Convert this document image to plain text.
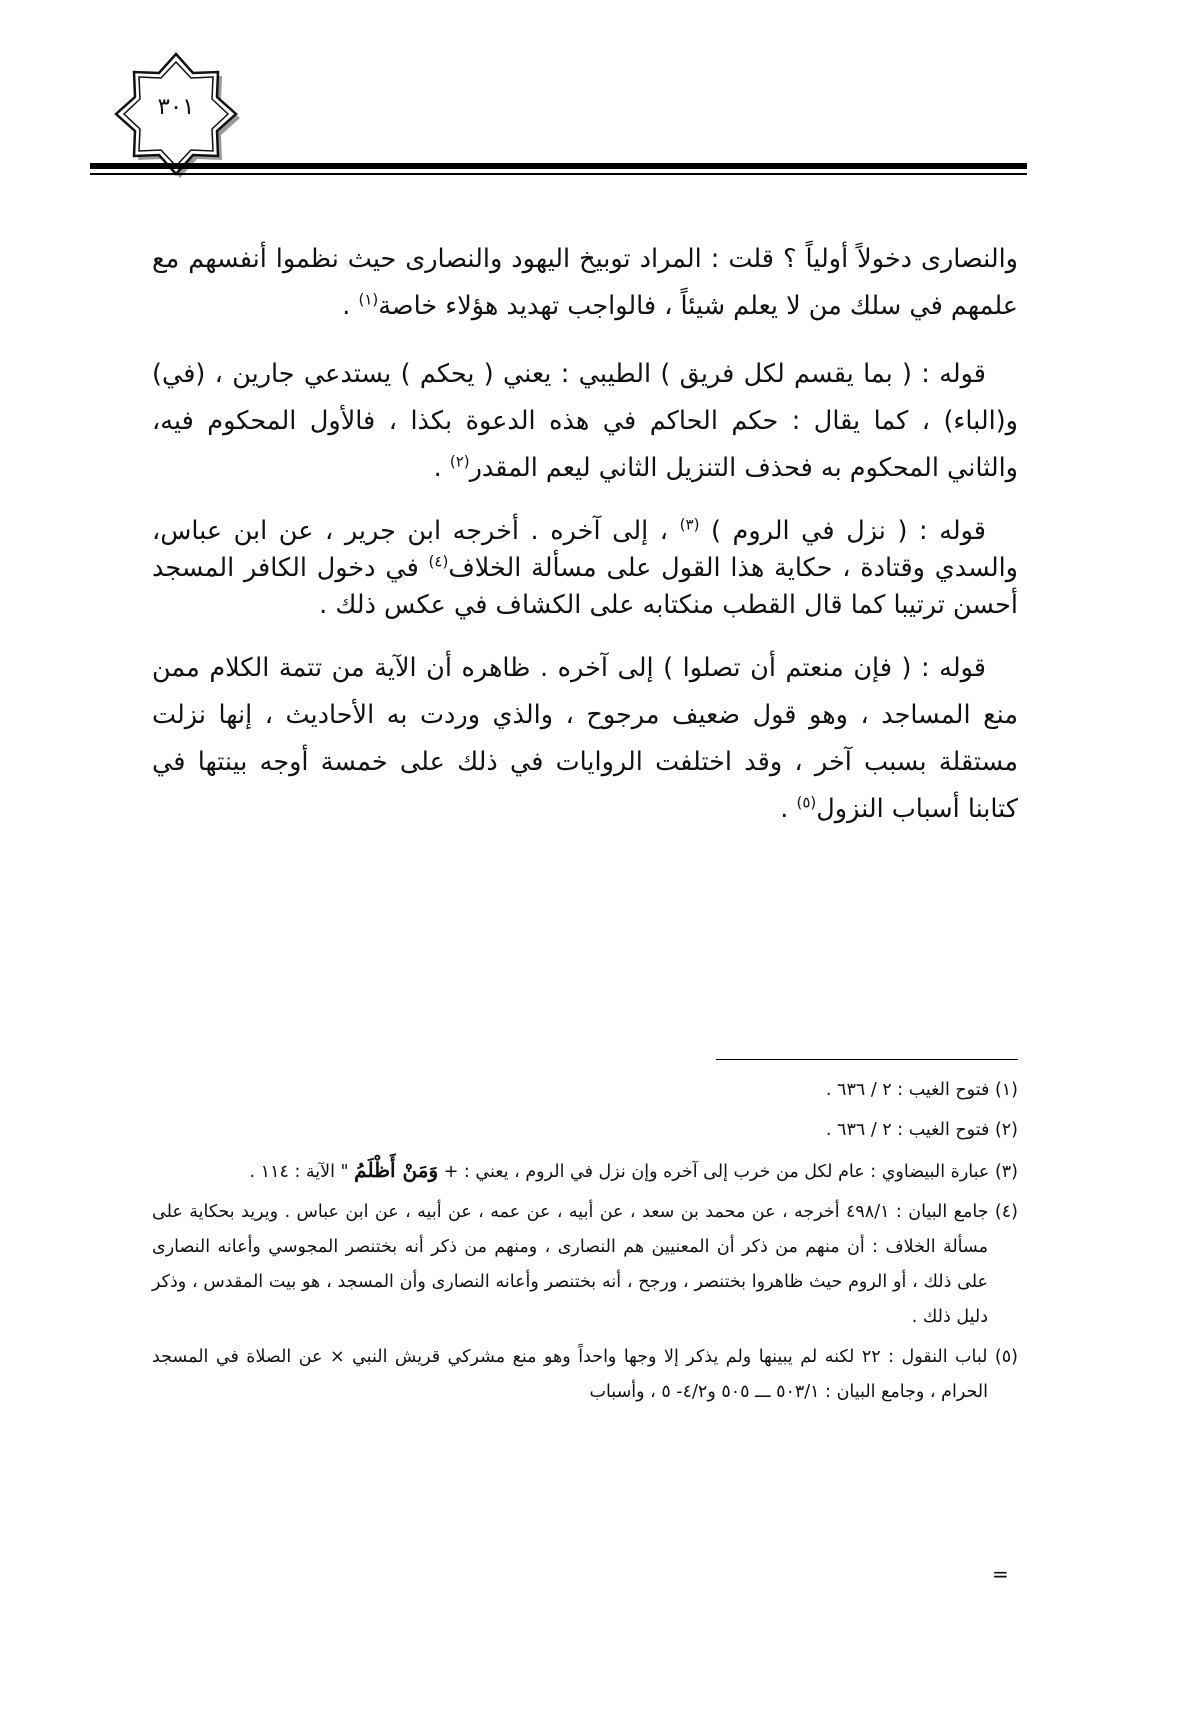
٣٠١

والنصارى دخولاً أولياً ؟ قلت : المراد توبيخ اليهود والنصارى حيث نظموا أنفسهم مع علمهم في سلك من لا يعلم شيئاً ، فالواجب تهديد هؤلاء خاصة$^{(١)}$ .

قوله : ( بما يقسم لكل فريق ) الطيبي : يعني ( يحكم ) يستدعي جارين ، (في) و(الباء) ، كما يقال : حكم الحاكم في هذه الدعوة بكذا ، فالأول المحكوم فيه، والثاني المحكوم به فحذف التنزيل الثاني ليعم المقدر$^{(٢)}$ .

قوله : ( نزل في الروم ) $^{(٣)}$ ، إلى آخره . أخرجه ابن جرير ، عن ابن عباس، والسدي وقتادة ، حكاية هذا القول على مسألة الخلاف$^{(٤)}$ في دخول الكافر المسجد أحسن ترتيبا كما قال القطب منكتابه على الكشاف في عكس ذلك .

قوله : ( فإن منعتم أن تصلوا ) إلى آخره . ظاهره أن الآية من تتمة الكلام ممن منع المساجد ، وهو قول ضعيف مرجوح ، والذي وردت به الأحاديث ، إنها نزلت مستقلة بسبب آخر ، وقد اختلفت الروايات في ذلك على خمسة أوجه بينتها في كتابنا أسباب النزول$^{(٥)}$ .

(١) فتوح الغيب : ٢ / ٦٣٦ .
(٢) فتوح الغيب : ٢ / ٦٣٦ .
(٣) عبارة البيضاوي : عام لكل من خرب إلى آخره وإن نزل في الروم ، يعني : + وَمَنْ أَظْلَمُ " الآية : ١١٤ .
(٤) جامع البيان : ٤٩٨/١ أخرجه ، عن محمد بن سعد ، عن أبيه ، عن عمه ، عن أبيه ، عن ابن عباس . ويريد بحكاية على مسألة الخلاف : أن منهم من ذكر أن المعنيين هم النصارى ، ومنهم من ذكر أنه بختنصر المجوسي وأعانه النصارى على ذلك ، أو الروم حيث ظاهروا بختنصر ، ورجح ، أنه بختنصر وأعانه النصارى وأن المسجد ، هو بيت المقدس ، وذكر دليل ذلك .
(٥) لباب النقول : ٢٢ لكنه لم يبينها ولم يذكر إلا وجها واحداً وهو منع مشركي قريش النبي × عن الصلاة في المسجد الحرام ، وجامع البيان : ٥٠٣/١ ـــ ٥٠٥ و٤/٢- ٥ ، وأسباب
=
